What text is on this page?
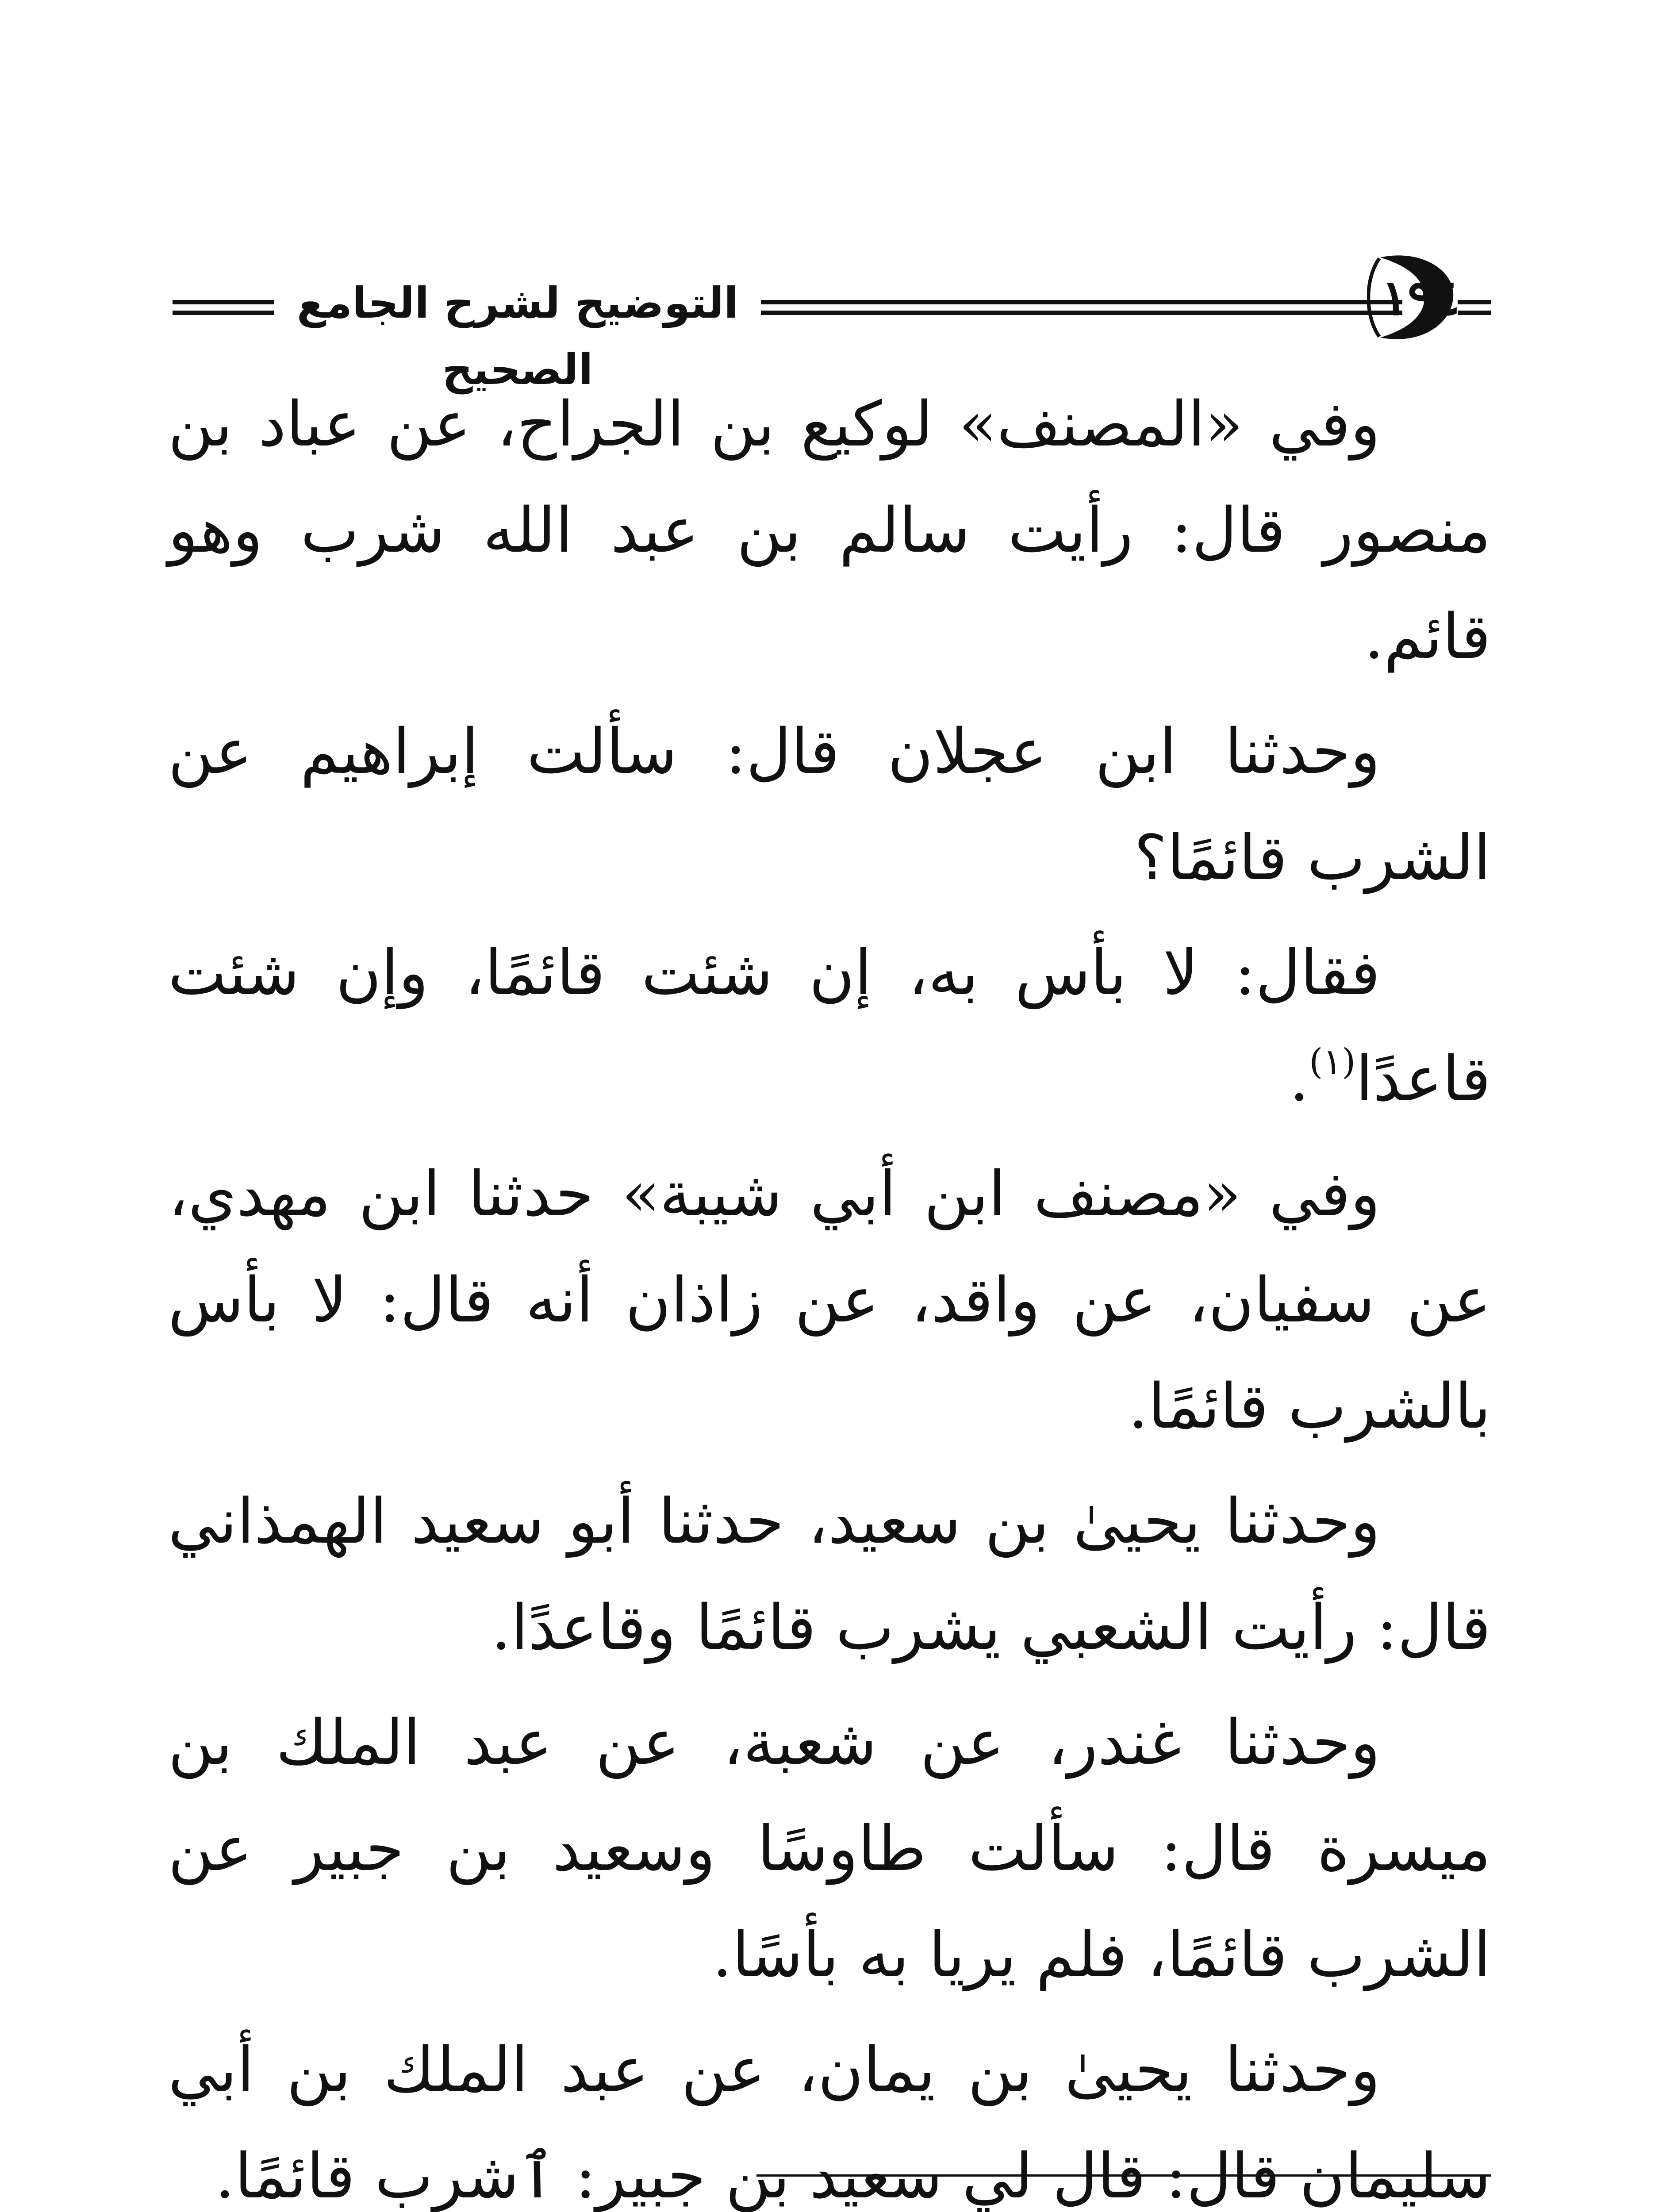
التوضيح لشرح الجامع الصحيح
١٩٤

وفي «المصنف» لوكيع بن الجراح، عن عباد بن منصور قال: رأيت سالم بن عبد الله شرب وهو قائم.

وحدثنا ابن عجلان قال: سألت إبراهيم عن الشرب قائمًا؟

فقال: لا بأس به، إن شئت قائمًا، وإن شئت قاعدًا$^{(١)}$.

وفي «مصنف ابن أبي شيبة» حدثنا ابن مهدي، عن سفيان، عن واقد، عن زاذان أنه قال: لا بأس بالشرب قائمًا.

وحدثنا يحيىٰ بن سعيد، حدثنا أبو سعيد الهمذاني قال: رأيت الشعبي يشرب قائمًا وقاعدًا.

وحدثنا غندر، عن شعبة، عن عبد الملك بن ميسرة قال: سألت طاوسًا وسعيد بن جبير عن الشرب قائمًا، فلم يريا به بأسًا.

وحدثنا يحيىٰ بن يمان، عن عبد الملك بن أبي سليمان قال: قال لي سعيد بن جبير: ٱشرب قائمًا.
